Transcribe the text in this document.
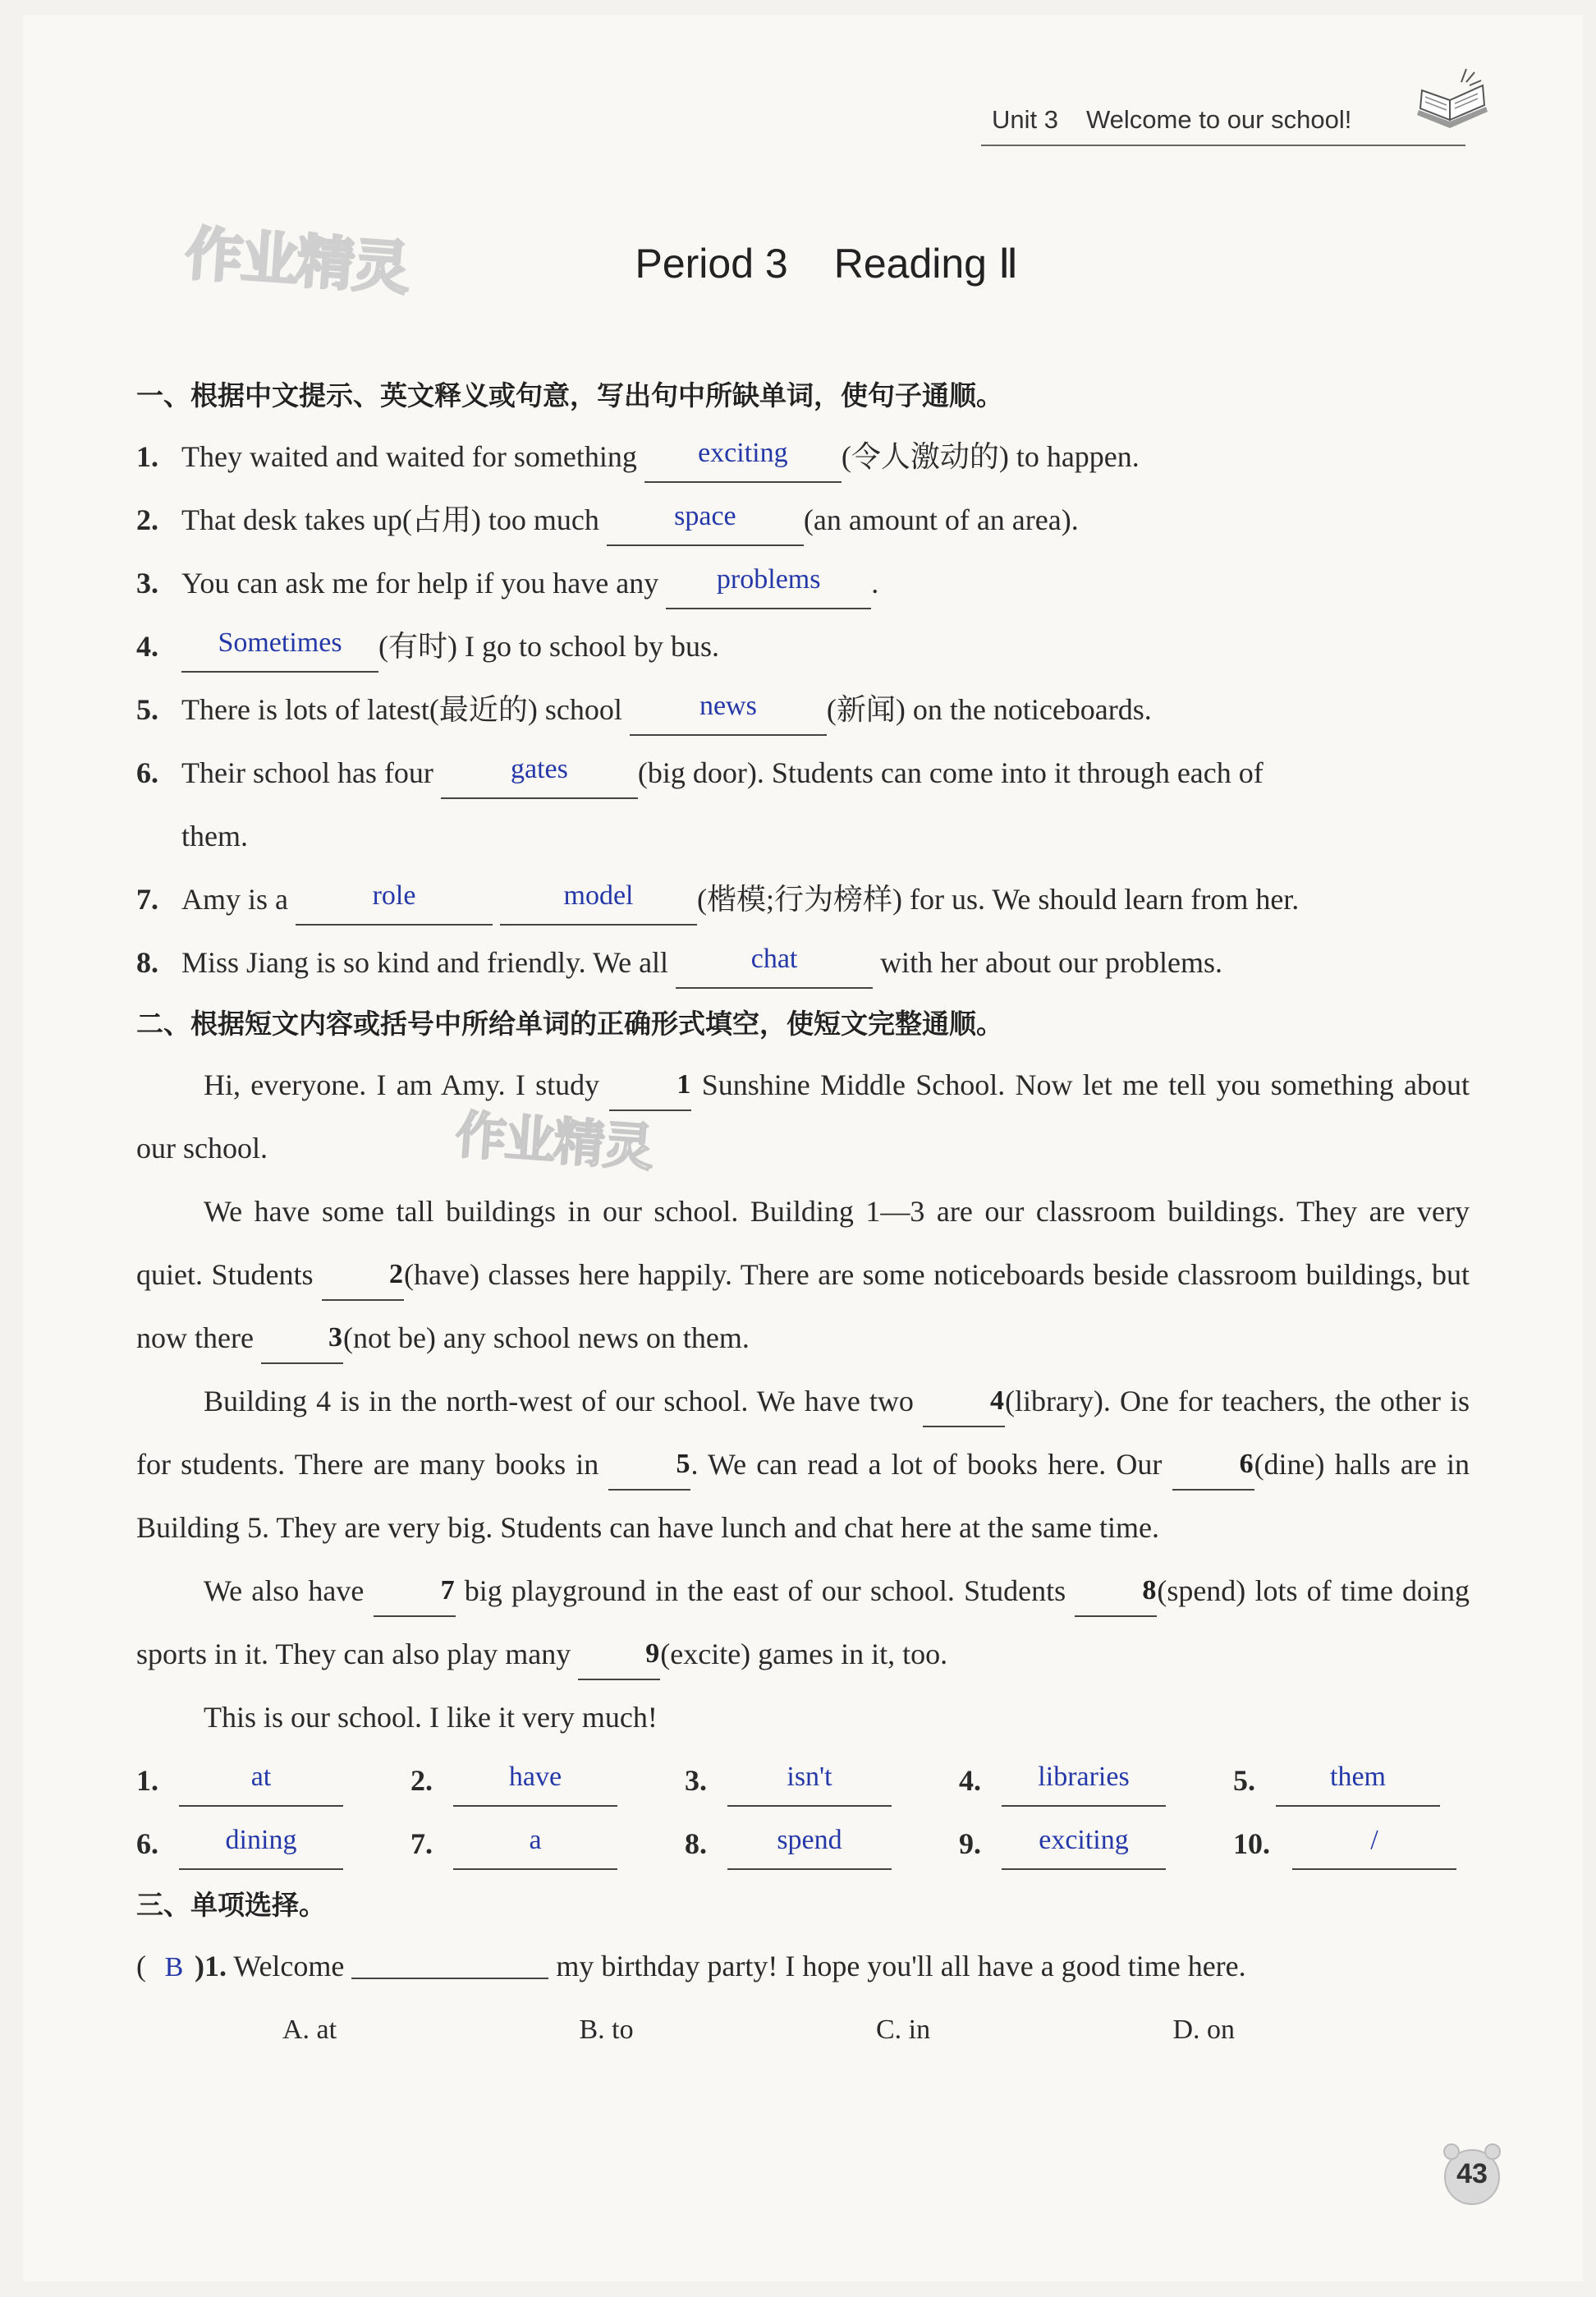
Unit 3 Welcome to our school!
作业精灵
作业精灵
Period 3 Reading Ⅱ
一、根据中文提示、英文释义或句意，写出句中所缺单词，使句子通顺。
1. They waited and waited for something exciting (令人激动的) to happen.
2. That desk takes up(占用) too much	space (an amount of an area).
3. You can ask me for help if you have any problems .
4. Sometimes (有时) I go to school by bus.
5. There is lots of latest(最近的) school	news (新闻) on the noticeboards.
6. Their school has four	gates (big door). Students can come into it through each of
them.
7. Amy is a	role	model (楷模;行为榜样) for us. We should learn from her.
8. Miss Jiang is so kind and friendly. We all	chat	with her about our problems.
二、根据短文内容或括号中所给单词的正确形式填空，使短文完整通顺。
Hi, everyone. I am Amy. I study	1 Sunshine Middle School. Now let me tell you something about our school.
We have some tall buildings in our school. Building 1—3 are our classroom buildings. They are very quiet. Students	2(have) classes here happily. There are some noticeboards beside classroom buildings, but now there	3(not be) any school news on them.
Building 4 is in the north-west of our school. We have two	4(library). One for teachers, the other is for students. There are many books in	5. We can read a lot of books here. Our	6(dine) halls are in Building 5. They are very big. Students can have lunch and chat here at the same time.
We also have	7 big playground in the east of our school. Students	8(spend) lots of time doing sports in it. They can also play many	9(excite) games in it, too.
This is our school. I like it very much!
1.	at	2.	have	3.	isn't	4. libraries	5.	them
6. dining	7.	a	8.	spend	9. exciting	10.	/
三、单项选择。
( B )1. Welcome	my birthday party! I hope you'll all have a good time here.
A. at	B. to	C. in	D. on
43
